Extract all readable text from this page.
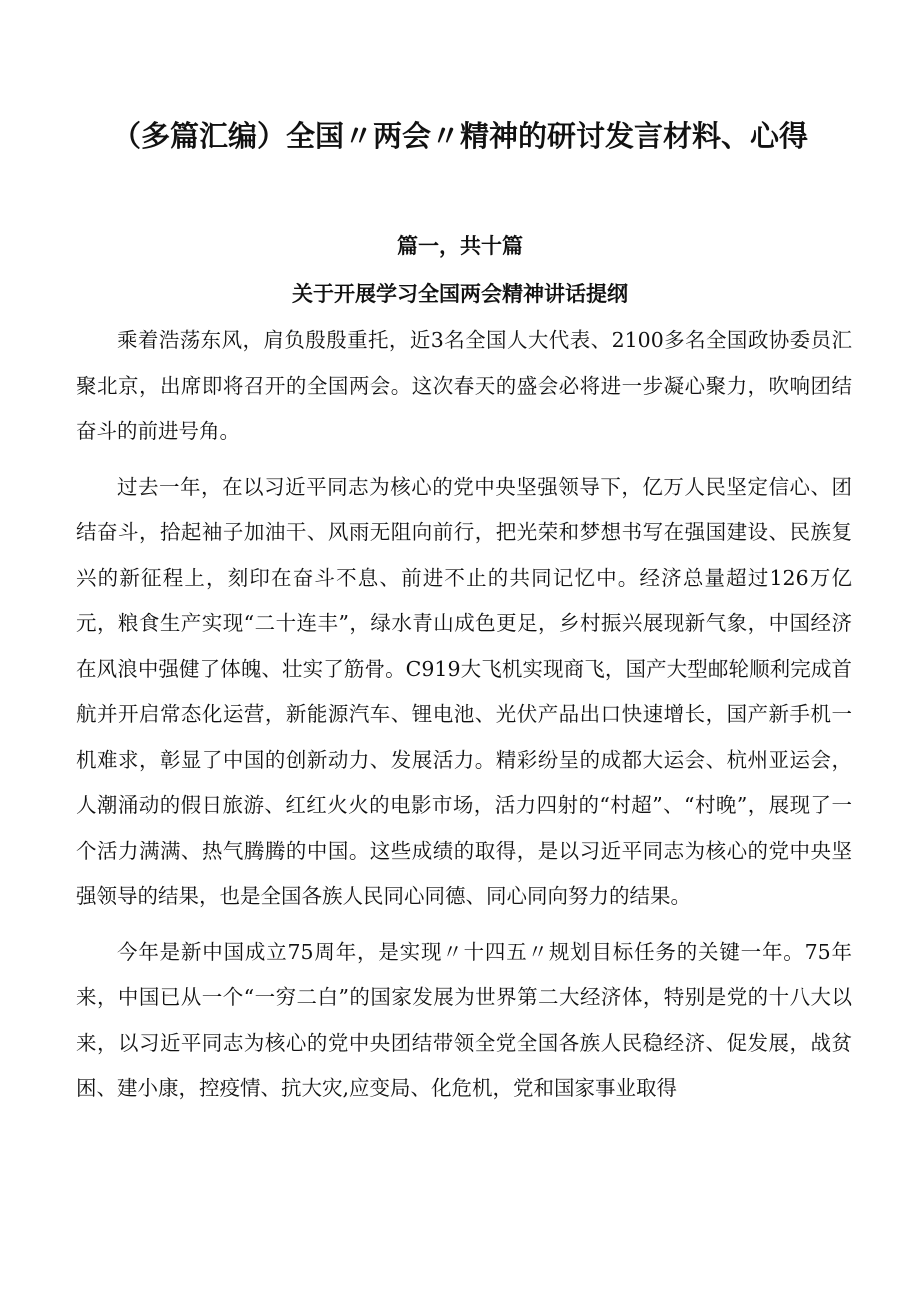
（多篇汇编）全国〃两会〃精神的研讨发言材料、心得
篇一，共十篇
关于开展学习全国两会精神讲话提纲

乘着浩荡东风，肩负殷殷重托，近3名全国人大代表、2100多名全国政协委员汇聚北京，出席即将召开的全国两会。这次春天的盛会必将进一步凝心聚力，吹响团结奋斗的前进号角。

过去一年，在以习近平同志为核心的党中央坚强领导下，亿万人民坚定信心、团结奋斗，拾起袖子加油干、风雨无阻向前行，把光荣和梦想书写在强国建设、民族复兴的新征程上，刻印在奋斗不息、前进不止的共同记忆中。经济总量超过126万亿元，粮食生产实现“二十连丰”，绿水青山成色更足，乡村振兴展现新气象，中国经济在风浪中强健了体魄、壮实了筋骨。C919大飞机实现商飞，国产大型邮轮顺利完成首航并开启常态化运营，新能源汽车、锂电池、光伏产品出口快速增长，国产新手机一机难求，彰显了中国的创新动力、发展活力。精彩纷呈的成都大运会、杭州亚运会，人潮涌动的假日旅游、红红火火的电影市场，活力四射的“村超”、“村晚”，展现了一个活力满满、热气腾腾的中国。这些成绩的取得，是以习近平同志为核心的党中央坚强领导的结果，也是全国各族人民同心同德、同心同向努力的结果。

今年是新中国成立75周年，是实现〃十四五〃规划目标任务的关键一年。75年来，中国已从一个“一穷二白”的国家发展为世界第二大经济体，特别是党的十八大以来，以习近平同志为核心的党中央团结带领全党全国各族人民稳经济、促发展，战贫困、建小康，控疫情、抗大灾,应变局、化危机，党和国家事业取得
